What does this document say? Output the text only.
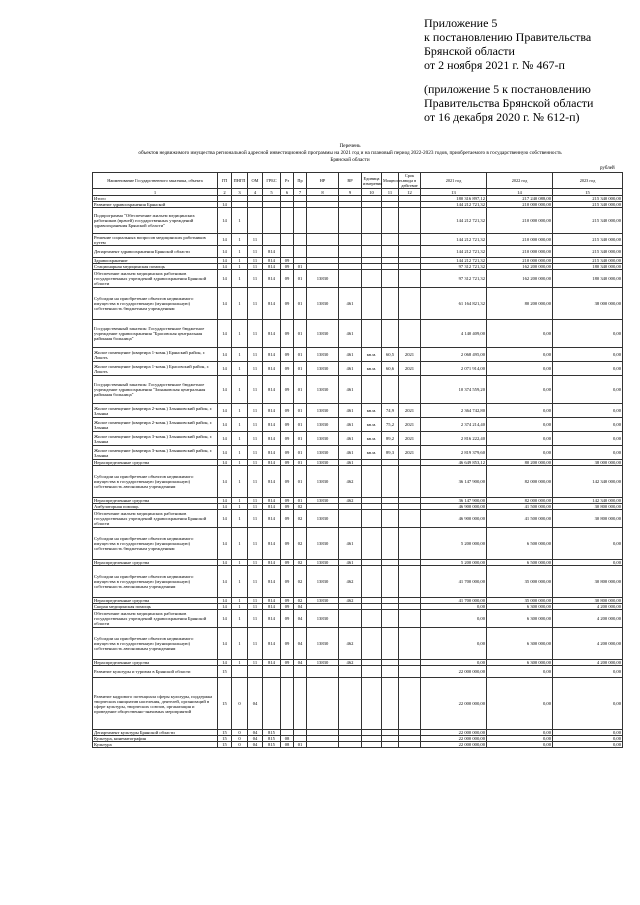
Приложение 5
к постановлению Правительства
Брянской области
от 2 ноября 2021 г. № 467-п
(приложение 5 к постановлению
Правительства Брянской области
от 16 декабря 2020 г. № 612-п)
Перечень
объектов недвижимого имущества региональной адресной инвестиционной программы на 2021 год и на плановый период 2022-2023 годов, приобретаемого в государственную собственность
Брянской области
рублей
Наименование Государственного заказчика, объекта	ГП	ПНГП	ОМ	ГРБС	Рз	Пр	НР	ВР	Единица измерения	Мощность	Срок ввода в действие	2021 год	2022 год	2023 год
1	2	3	4	5	6	7	8	9	10	11	12	13	14	15
Итого												180 316 897,12	217 240 088,00	215 340 000,00
Развитие здравоохранения Брянской	14											144 212 721,32	210 000 000,00	215 340 000,00
Подпрограмма "Обеспечение жильем медицинских работников (врачей) государственных учреждений здравоохранения Брянской области"	14	1										144 212 721,32	210 000 000,00	215 340 000,00
Решение социальных вопросов медицинских работников путем	14	1	11									144 212 721,32	210 000 000,00	215 340 000,00
Департамент здравоохранения Брянской области	14	1	11	814								144 212 721,32	210 000 000,00	215 340 000,00
Здравоохранение	14	1	11	814	09							144 212 721,32	210 000 000,00	215 340 000,00
Стационарная медицинская помощь	14	1	11	814	09	01						97 312 721,32	162 200 000,00	180 340 000,00
Обеспечение жильем медицинских работников государственных учреждений здравоохранения Брянской области	14	1	11	814	09	01	13830					97 312 721,32	162 200 000,00	180 340 000,00
Субсидии на приобретение объектов недвижимого имущества в государственную (муниципальную) собственность бюджетным учреждениям	14	1	11	814	09	01	13830	461				61 164 821,32	80 200 000,00	38 000 000,00
Государственный заказчик: Государственное бюджетное учреждение здравоохранения "Брасовская центральная районная больница"	14	1	11	814	09	01	13830	461				4 140 409,00	0,00	0,00
Жилое помещение (квартира 1-комн.) Брянский район, г. Локоть	14	1	11	814	09	01	13830	461	кв.м.	60,5	2021	2 068 495,00	0,00	0,00
Жилое помещение (квартира 1-комн.) Брасовский район, г. Локоть	14	1	11	814	09	01	13830	461	кв.м.	60,6	2021	2 071 914,00	0,00	0,00
Государственный заказчик: Государственное бюджетное учреждение здравоохранения "Злынковская центральная районная больница"	14	1	11	814	09	01	13830	461				10 374 559,20	0,00	0,00
Жилое помещение (квартира 2-комн.) Злынковский район, г. Злынка	14	1	11	814	09	01	13830	461	кв.м.	74,9	2021	2 364 742,80	0,00	0,00
Жилое помещение (квартира 2-комн.) Злынковский район, г. Злынка	14	1	11	814	09	01	13830	461	кв.м.	75,2	2021	2 374 214,40	0,00	0,00
Жилое помещение (квартира 3-комн.) Злынковский район, г. Злынка	14	1	11	814	09	01	13830	461	кв.м.	89,2	2021	2 816 222,40	0,00	0,00
Жилое помещение (квартира 3-комн.) Злынковский район, г. Злынка	14	1	11	814	09	01	13830	461	кв.м.	89,3	2021	2 819 379,60	0,00	0,00
Нераспределенные средства	14	1	11	814	09	01	13830	461				46 649 853,12	80 200 000,00	38 000 000,00
Субсидии на приобретение объектов недвижимого имущества в государственную (муниципальную) собственность автономным учреждениям	14	1	11	814	09	01	13830	462				36 147 900,00	82 000 000,00	142 340 000,00
Нераспределенные средства	14	1	11	814	09	01	13830	462				36 147 900,00	82 000 000,00	142 340 000,00
Амбулаторная помощь	14	1	11	814	09	02						46 900 000,00	41 500 000,00	30 800 000,00
Обеспечение жильем медицинских работников государственных учреждений здравоохранения Брянской области	14	1	11	814	09	02	13830					46 900 000,00	41 500 000,00	30 800 000,00
Субсидии на приобретение объектов недвижимого имущества в государственную (муниципальную) собственность бюджетным учреждениям	14	1	11	814	09	02	13830	461				5 200 000,00	6 500 000,00	0,00
Нераспределенные средства	14	1	11	814	09	02	13830	461				5 200 000,00	6 500 000,00	0,00
Субсидии на приобретение объектов недвижимого имущества в государственную (муниципальную) собственность автономным учреждениям	14	1	11	814	09	02	13830	462				41 700 000,00	35 000 000,00	30 800 000,00
Нераспределенные средства	14	1	11	814	09	02	13830	462				41 700 000,00	35 000 000,00	30 800 000,00
Скорая медицинская помощь	14	1	11	814	09	04						0,00	6 300 000,00	4 200 000,00
Обеспечение жильем медицинских работников государственных учреждений здравоохранения Брянской области	14	1	11	814	09	04	13830					0,00	6 300 000,00	4 200 000,00
Субсидии на приобретение объектов недвижимого имущества в государственную (муниципальную) собственность автономным учреждениям	14	1	11	814	09	04	13830	462				0,00	6 300 000,00	4 200 000,00
Нераспределенные средства	14	1	11	814	09	04	13830	462				0,00	6 300 000,00	4 200 000,00
Развитие культуры и туризма в Брянской области	15											22 000 000,00	0,00	0,00
Развитие кадрового потенциала сферы культуры, поддержка творческих инициатив населения, деятелей, организаций в сфере культуры, творческих союзов, организация и проведение общественно-значимых мероприятий	15	0	04									22 000 000,00	0,00	0,00
Департамент культуры Брянской области	15	0	04	815								22 000 000,00	0,00	0,00
Культура, кинематография	15	0	04	815	08							22 000 000,00	0,00	0,00
Культура	15	0	04	815	08	01						22 000 000,00	0,00	0,00
